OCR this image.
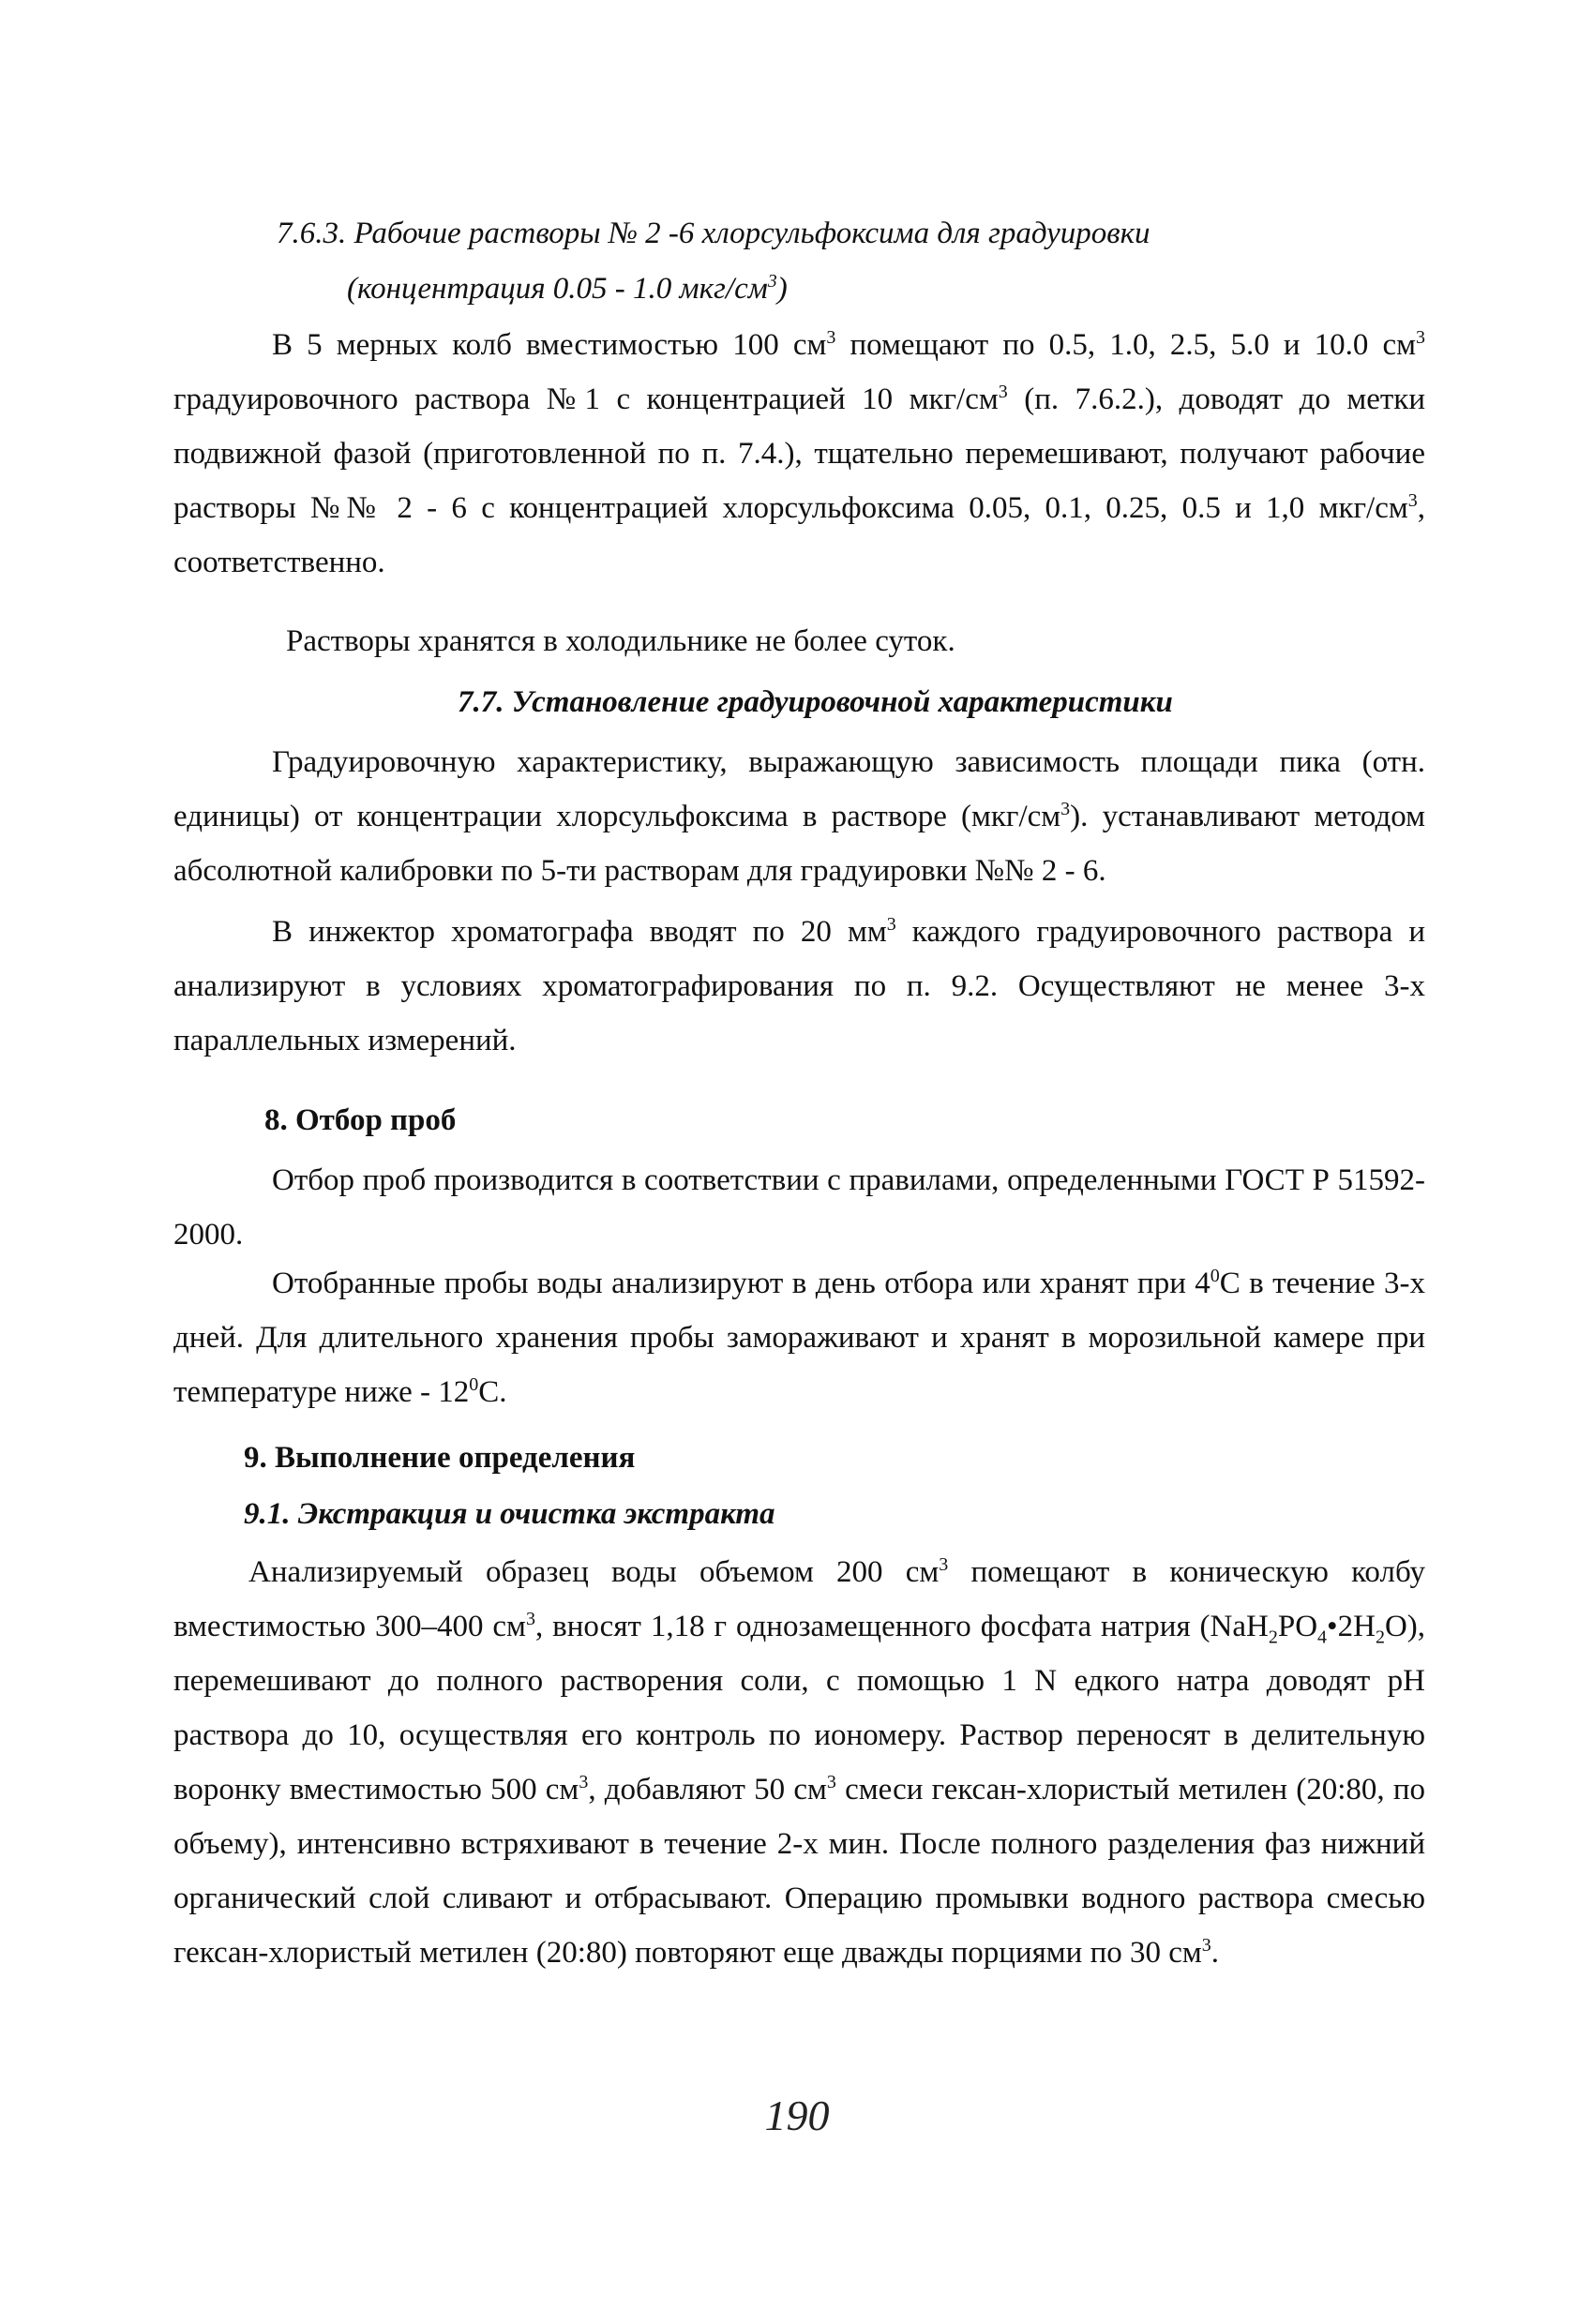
7.6.3. Рабочие растворы № 2 -6 хлорсульфоксима для градуировки
(концентрация 0.05 - 1.0 мкг/$см^3$)

В 5 мерных колб вместимостью 100 $см^3$ помещают по 0.5, 1.0, 2.5, 5.0 и 10.0 $см^3$ градуировочного раствора №1 с концентрацией 10 мкг/$см^3$ (п. 7.6.2.), доводят до метки подвижной фазой (приготовленной по п. 7.4.), тщательно перемешивают, получают рабочие растворы №№ 2 - 6 с концентрацией хлорсульфоксима 0.05, 0.1, 0.25, 0.5 и 1,0 мкг/$см^3$, соответственно.

Растворы хранятся в холодильнике не более суток.

7.7. Установление градуировочной характеристики

Градуировочную характеристику, выражающую зависимость площади пика (отн. единицы) от концентрации хлорсульфоксима в растворе $(мкг/см^3)$. устанавливают методом абсолютной калибровки по 5-ти растворам для градуировки №№ 2 - 6.

В инжектор хроматографа вводят по 20 $мм^3$ каждого градуировочного раствора и анализируют в условиях хроматографирования по п. 9.2. Осуществляют не менее 3-х параллельных измерений.

8. Отбор проб

Отбор проб производится в соответствии с правилами, определенными ГОСТ Р 51592-2000.

Отобранные пробы воды анализируют в день отбора или хранят при $4^0С$ в течение 3-х дней. Для длительного хранения пробы замораживают и хранят в морозильной камере при температуре ниже - $12^0С$.

9. Выполнение определения
9.1. Экстракция и очистка экстракта

Анализируемый образец воды объемом 200 $см^3$ помещают в коническую колбу вместимостью 300–400 $см^3$, вносят 1,18 г однозамещенного фосфата натрия $(NaH_2PO_4•2H_2O)$, перемешивают до полного растворения соли, с помощью 1 N едкого натра доводят pH раствора до 10, осуществляя его контроль по иономеру. Раствор переносят в делительную воронку вместимостью 500 $см^3$, добавляют 50 $см^3$ смеси гексан-хлористый метилен (20:80, по объему), интенсивно встряхивают в течение 2-х мин. После полного разделения фаз нижний органический слой сливают и отбрасывают. Операцию промывки водного раствора смесью гексан-хлористый метилен (20:80) повторяют еще дважды порциями по 30 $см^3$.

190
